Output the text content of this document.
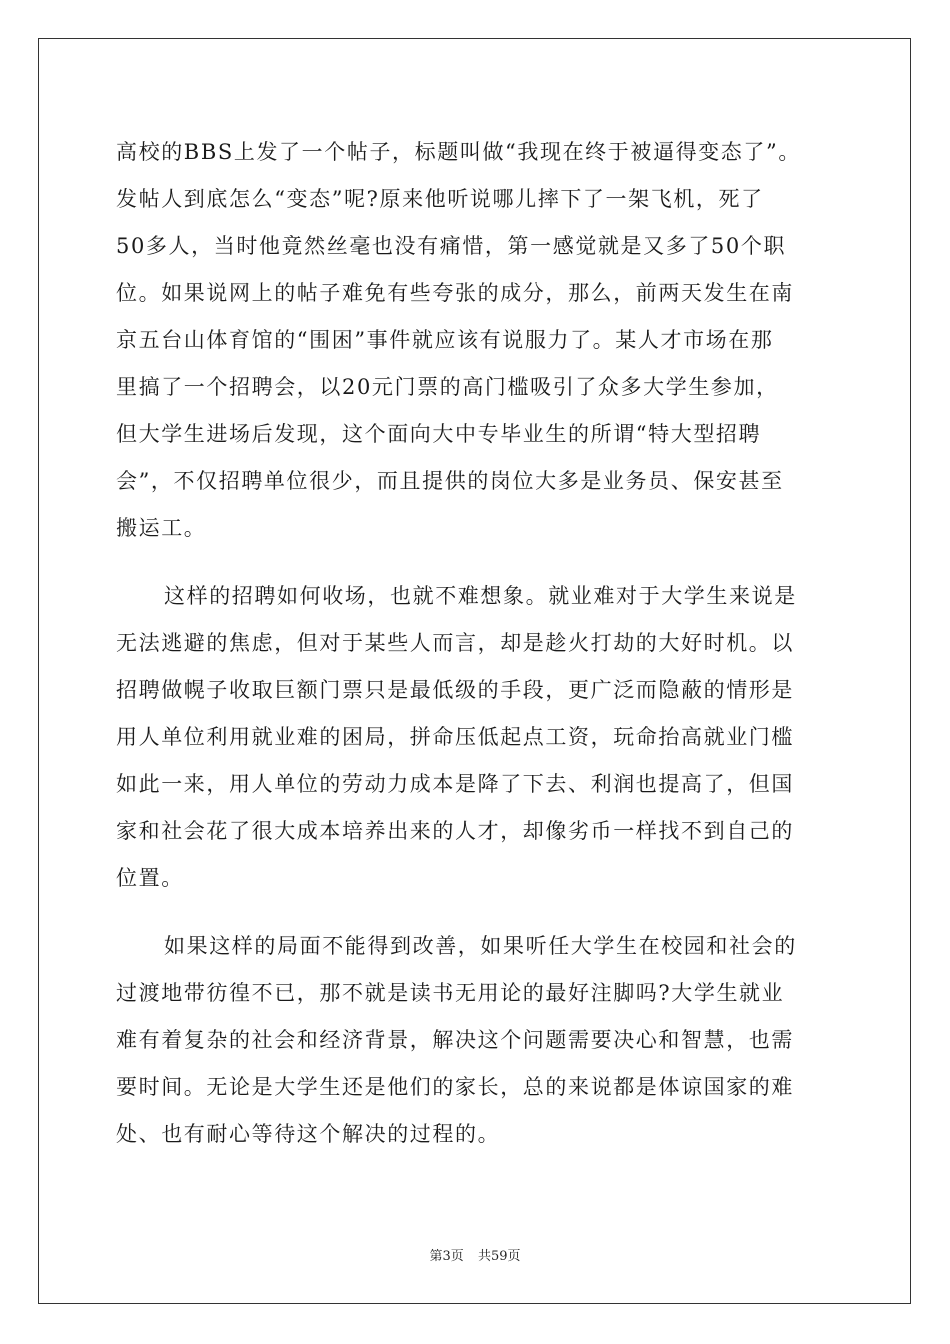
高校的BBS上发了一个帖子，标题叫做“我现在终于被逼得变态了”。
发帖人到底怎么“变态”呢?原来他听说哪儿摔下了一架飞机，死了
50多人，当时他竟然丝毫也没有痛惜，第一感觉就是又多了50个职
位。如果说网上的帖子难免有些夸张的成分，那么，前两天发生在南
京五台山体育馆的“围困”事件就应该有说服力了。某人才市场在那
里搞了一个招聘会，以20元门票的高门槛吸引了众多大学生参加，
但大学生进场后发现，这个面向大中专毕业生的所谓“特大型招聘
会”，不仅招聘单位很少，而且提供的岗位大多是业务员、保安甚至
搬运工。
这样的招聘如何收场，也就不难想象。就业难对于大学生来说是
无法逃避的焦虑，但对于某些人而言，却是趁火打劫的大好时机。以
招聘做幌子收取巨额门票只是最低级的手段，更广泛而隐蔽的情形是
用人单位利用就业难的困局，拼命压低起点工资，玩命抬高就业门槛
如此一来，用人单位的劳动力成本是降了下去、利润也提高了，但国
家和社会花了很大成本培养出来的人才，却像劣币一样找不到自己的
位置。
如果这样的局面不能得到改善，如果听任大学生在校园和社会的
过渡地带彷徨不已，那不就是读书无用论的最好注脚吗?大学生就业
难有着复杂的社会和经济背景，解决这个问题需要决心和智慧，也需
要时间。无论是大学生还是他们的家长，总的来说都是体谅国家的难
处、也有耐心等待这个解决的过程的。
第3页 共59页
